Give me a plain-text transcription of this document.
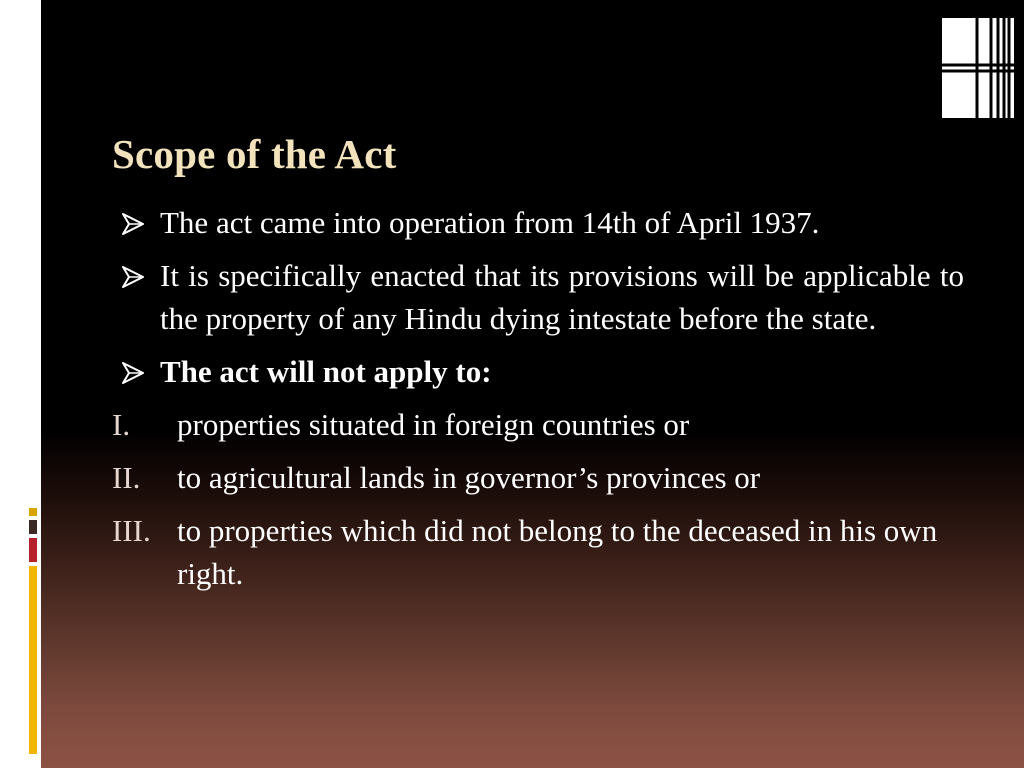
Scope of the Act
The act came into operation from 14th of April 1937.
It is specifically enacted that its provisions will be applicable to the property of any Hindu dying intestate before the state.
The act will not apply to:
I. properties situated in foreign countries or
II. to agricultural lands in governor’s provinces or
III. to properties which did not belong to the deceased in his own right.
